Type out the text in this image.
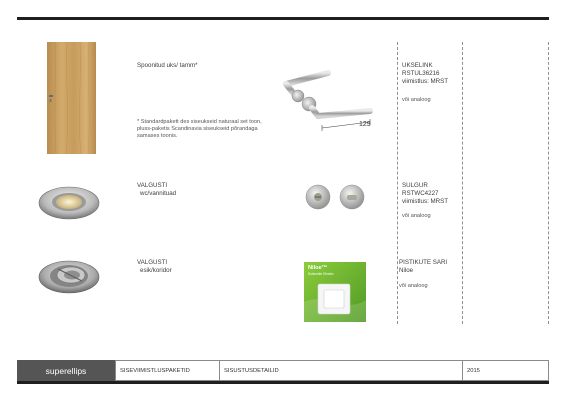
Spoonitud uks/ tamm*
* Standardpakett des siseukseid naturaal set toon, pluss-paketis Scandinavia siseukseid põrandaga samases toonis.
129
UKSELINK
RSTUL36216
viimistlus: MRST
või analoog
VALGUSTI
wc/vannituad
SULGUR
RSTWC4227
viimistlus: MRST
või analoog
VALGUSTI
esik/koridor	Niloe™
Schneider Electric
PISTIKUTE SARI
Niloe
või analoog
superellips	SISEVIIMISTLUSPAKETID	SISUSTUSDETAILID	2015
